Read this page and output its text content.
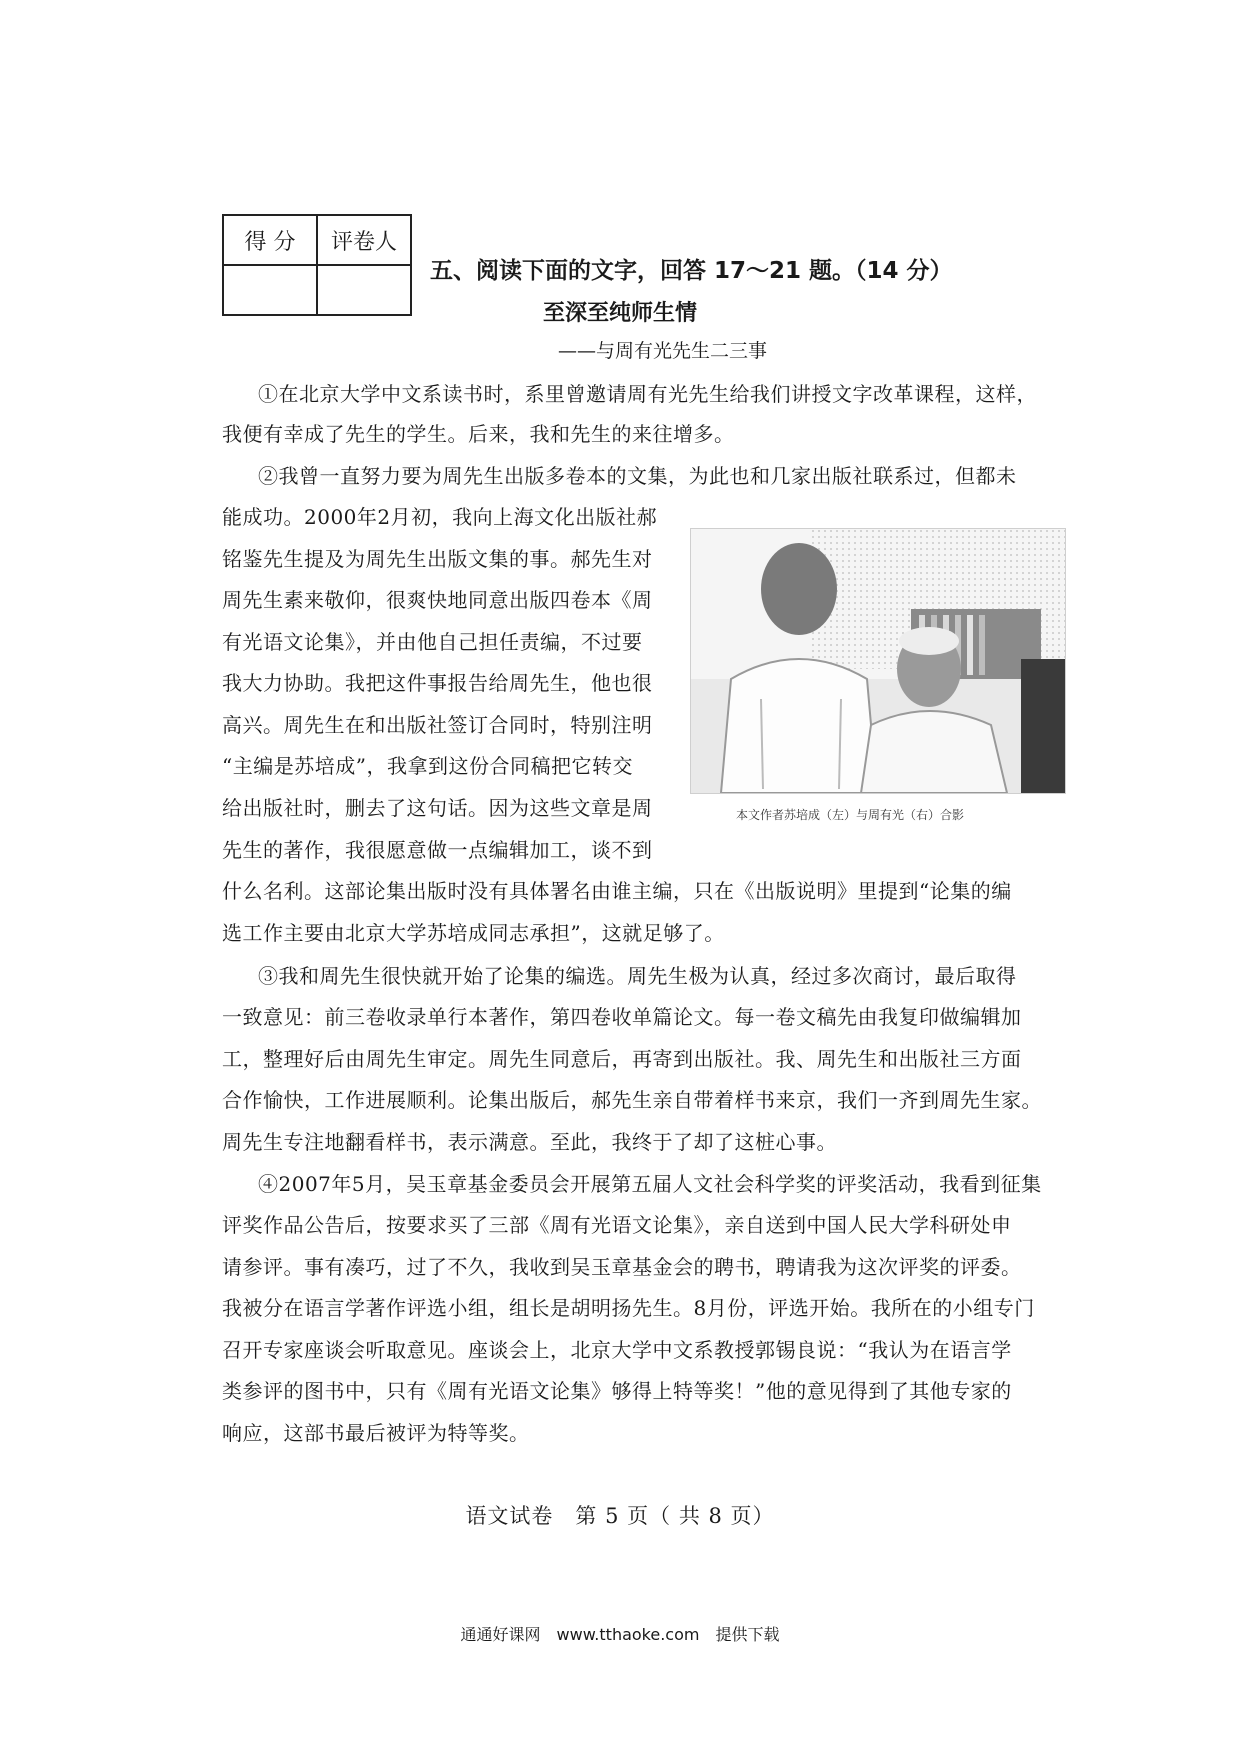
得 分	评卷人

五、阅读下面的文字，回答 17～21 题。（14 分）
至深至纯师生情
——与周有光先生二三事
①在北京大学中文系读书时，系里曾邀请周有光先生给我们讲授文字改革课程，这样，
我便有幸成了先生的学生。后来，我和先生的来往增多。
②我曾一直努力要为周先生出版多卷本的文集，为此也和几家出版社联系过，但都未
能成功。2000年2月初，我向上海文化出版社郝
铭鉴先生提及为周先生出版文集的事。郝先生对
周先生素来敬仰，很爽快地同意出版四卷本《周
有光语文论集》，并由他自己担任责编，不过要
我大力协助。我把这件事报告给周先生，他也很
高兴。周先生在和出版社签订合同时，特别注明
“主编是苏培成”，我拿到这份合同稿把它转交
给出版社时，删去了这句话。因为这些文章是周
先生的著作，我很愿意做一点编辑加工，谈不到
什么名利。这部论集出版时没有具体署名由谁主编，只在《出版说明》里提到“论集的编
选工作主要由北京大学苏培成同志承担”，这就足够了。
③我和周先生很快就开始了论集的编选。周先生极为认真，经过多次商讨，最后取得
一致意见：前三卷收录单行本著作，第四卷收单篇论文。每一卷文稿先由我复印做编辑加
工，整理好后由周先生审定。周先生同意后，再寄到出版社。我、周先生和出版社三方面
合作愉快，工作进展顺利。论集出版后，郝先生亲自带着样书来京，我们一齐到周先生家。
周先生专注地翻看样书，表示满意。至此，我终于了却了这桩心事。
④2007年5月，吴玉章基金委员会开展第五届人文社会科学奖的评奖活动，我看到征集
评奖作品公告后，按要求买了三部《周有光语文论集》，亲自送到中国人民大学科研处申
请参评。事有凑巧，过了不久，我收到吴玉章基金会的聘书，聘请我为这次评奖的评委。
我被分在语言学著作评选小组，组长是胡明扬先生。8月份，评选开始。我所在的小组专门
召开专家座谈会听取意见。座谈会上，北京大学中文系教授郭锡良说：“我认为在语言学
类参评的图书中，只有《周有光语文论集》够得上特等奖！”他的意见得到了其他专家的
响应，这部书最后被评为特等奖。
本文作者苏培成（左）与周有光（右）合影
语文试卷　第 5 页（ 共 8 页）
通通好课网　www.tthaoke.com　提供下载
